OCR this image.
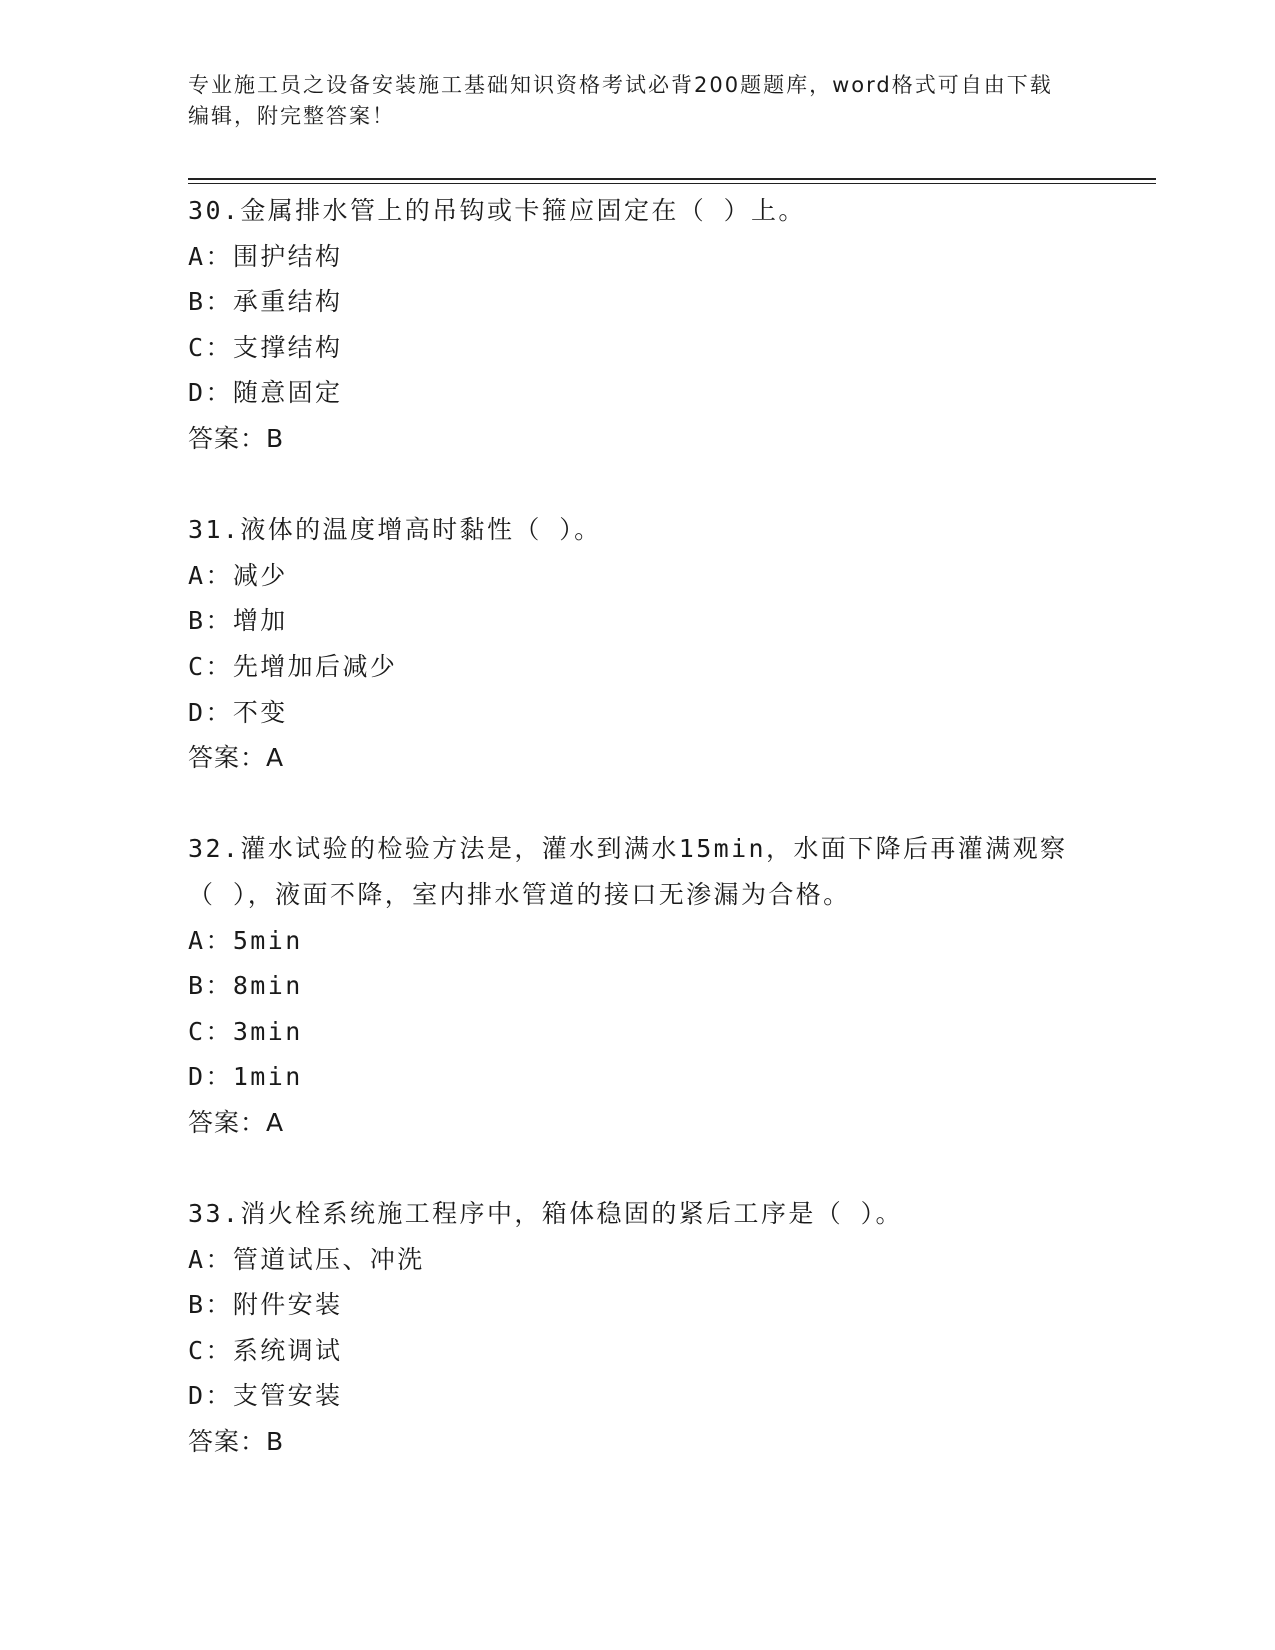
专业施工员之设备安装施工基础知识资格考试必背200题题库，word格式可自由下载编辑，附完整答案！

30.金属排水管上的吊钩或卡箍应固定在（ ）上。

A：围护结构

B：承重结构

C：支撑结构

D：随意固定

答案：B

31.液体的温度增高时黏性（ ）。

A：减少

B：增加

C：先增加后减少

D：不变

答案：A

32.灌水试验的检验方法是，灌水到满水15min，水面下降后再灌满观察（ ），液面不降，室内排水管道的接口无渗漏为合格。

A：5min

B：8min

C：3min

D：1min

答案：A

33.消火栓系统施工程序中，箱体稳固的紧后工序是（ ）。

A：管道试压、冲洗

B：附件安装

C：系统调试

D：支管安装

答案：B
